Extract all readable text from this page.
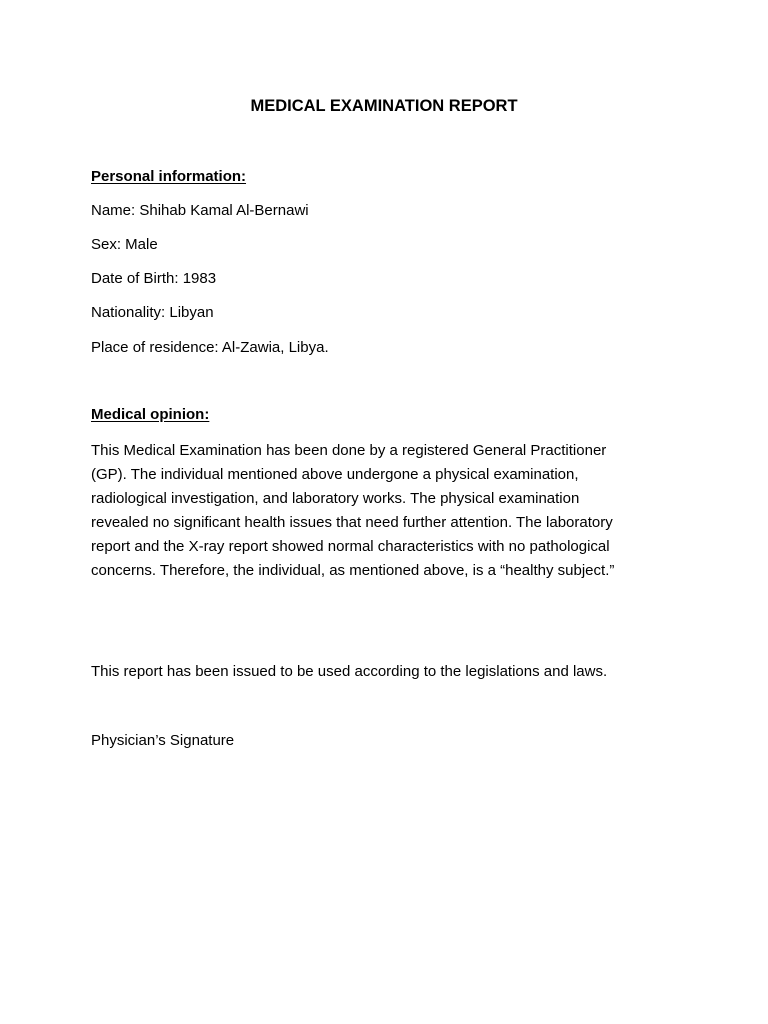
MEDICAL EXAMINATION REPORT
Personal information:
Name: Shihab Kamal Al-Bernawi
Sex: Male
Date of Birth: 1983
Nationality: Libyan
Place of residence: Al-Zawia, Libya.
Medical opinion:
This Medical Examination has been done by a registered General Practitioner
(GP). The individual mentioned above undergone a physical examination,
radiological investigation, and laboratory works. The physical examination
revealed no significant health issues that need further attention. The laboratory
report and the X-ray report showed normal characteristics with no pathological
concerns. Therefore, the individual, as mentioned above, is a “healthy subject.”
This report has been issued to be used according to the legislations and laws.
Physician’s Signature
